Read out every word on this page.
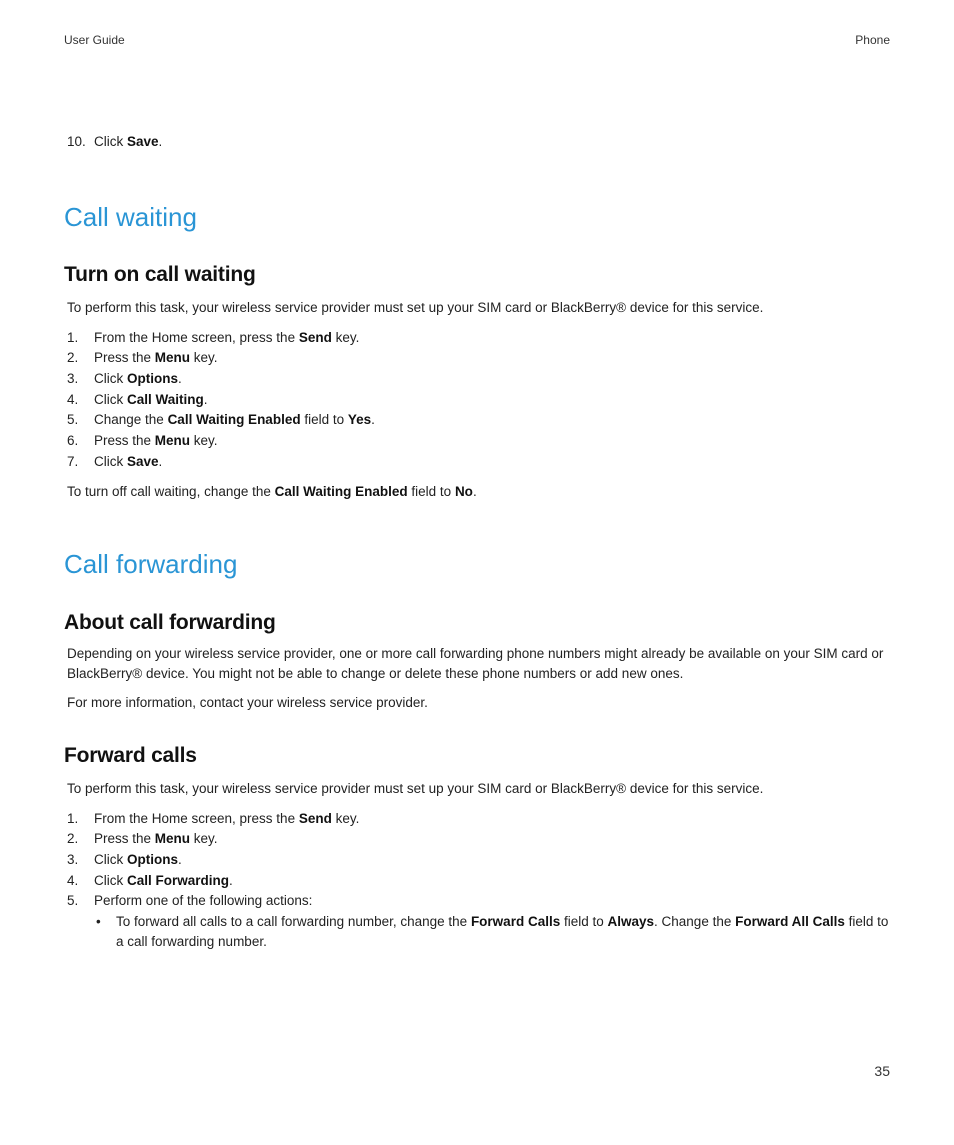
User Guide	Phone
10. Click Save.
Call waiting
Turn on call waiting

To perform this task, your wireless service provider must set up your SIM card or BlackBerry® device for this service.

1. From the Home screen, press the Send key.
2. Press the Menu key.
3. Click Options.
4. Click Call Waiting.
5. Change the Call Waiting Enabled field to Yes.
6. Press the Menu key.
7. Click Save.

To turn off call waiting, change the Call Waiting Enabled field to No.

Call forwarding
About call forwarding

Depending on your wireless service provider, one or more call forwarding phone numbers might already be available on your SIM card or BlackBerry® device. You might not be able to change or delete these phone numbers or add new ones.

For more information, contact your wireless service provider.

Forward calls

To perform this task, your wireless service provider must set up your SIM card or BlackBerry® device for this service.

1. From the Home screen, press the Send key.
2. Press the Menu key.
3. Click Options.
4. Click Call Forwarding.
5. Perform one of the following actions:
• To forward all calls to a call forwarding number, change the Forward Calls field to Always. Change the Forward All Calls field to a call forwarding number.
35
